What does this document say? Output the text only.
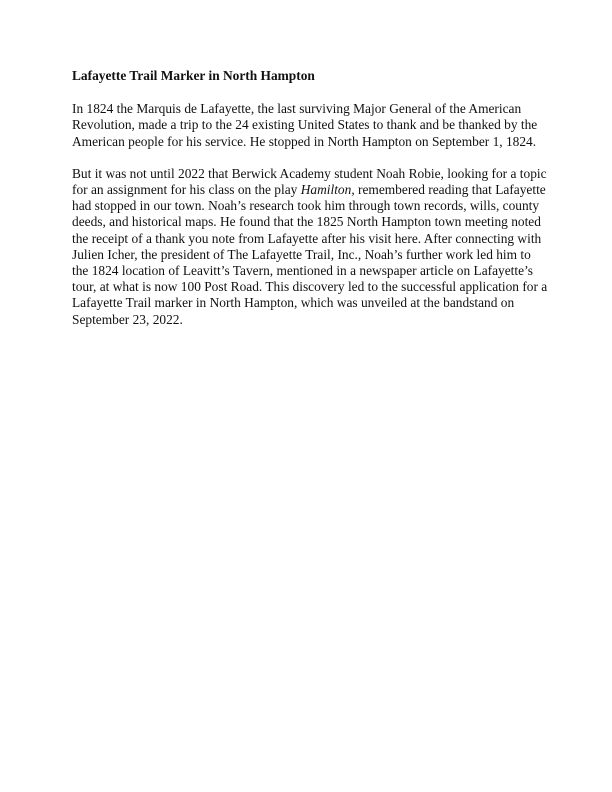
Lafayette Trail Marker in North Hampton

In 1824 the Marquis de Lafayette, the last surviving Major General of the American Revolution, made a trip to the 24 existing United States to thank and be thanked by the American people for his service. He stopped in North Hampton on September 1, 1824.

But it was not until 2022 that Berwick Academy student Noah Robie, looking for a topic for an assignment for his class on the play Hamilton, remembered reading that Lafayette had stopped in our town. Noah’s research took him through town records, wills, county deeds, and historical maps. He found that the 1825 North Hampton town meeting noted the receipt of a thank you note from Lafayette after his visit here. After connecting with Julien Icher, the president of The Lafayette Trail, Inc., Noah’s further work led him to the 1824 location of Leavitt’s Tavern, mentioned in a newspaper article on Lafayette’s tour, at what is now 100 Post Road. This discovery led to the successful application for a Lafayette Trail marker in North Hampton, which was unveiled at the bandstand on September 23, 2022.
